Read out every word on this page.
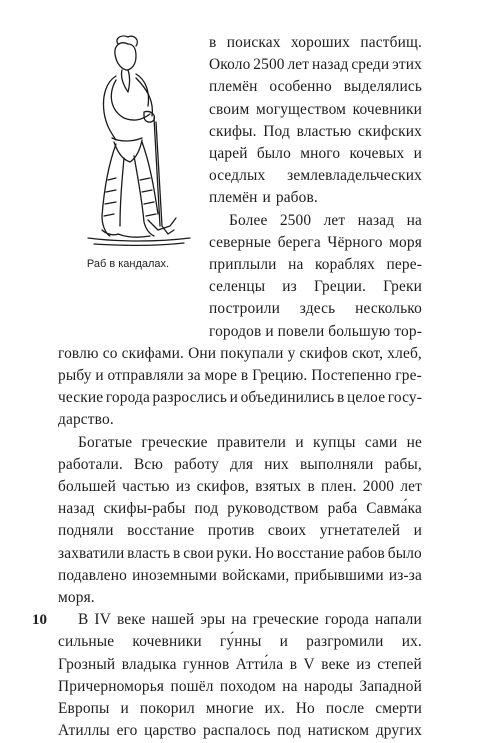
Раб в кандалах.

в поисках хороших пастбищ.
Около 2500 лет назад среди этих
племён особенно выделялись
своим могуществом кочевники
скифы. Под властью скифских
царей было много кочевых и
оседлых землевладельческих
племён и рабов.
Более 2500 лет назад на
северные берега Чёрного моря
приплыли на кораблях пере-
селенцы из Греции. Греки
построили здесь несколько
городов и повели большую тор-

говлю со скифами. Они покупали у скифов скот, хлеб,
рыбу и отправляли за море в Грецию. Постепенно гре-
ческие города разрослись и объединились в целое госу-
дарство.
Богатые греческие правители и купцы сами не
работали. Всю работу для них выполняли рабы,
большей частью из скифов, взятых в плен. 2000 лет
назад скифы-рабы под руководством раба Савма́ка
подняли восстание против своих угнетателей и
захватили власть в свои руки. Но восстание рабов было
подавлено иноземными войсками, прибывшими из-за
моря.
В IV веке нашей эры на греческие города напали
сильные кочевники гу́нны и разгромили их.
Грозный владыка гуннов Атти́ла в V веке из степей
Причерноморья пошёл походом на народы Западной
Европы и покорил многие их. Но после смерти
Атиллы его царство распалось под натиском других

10
